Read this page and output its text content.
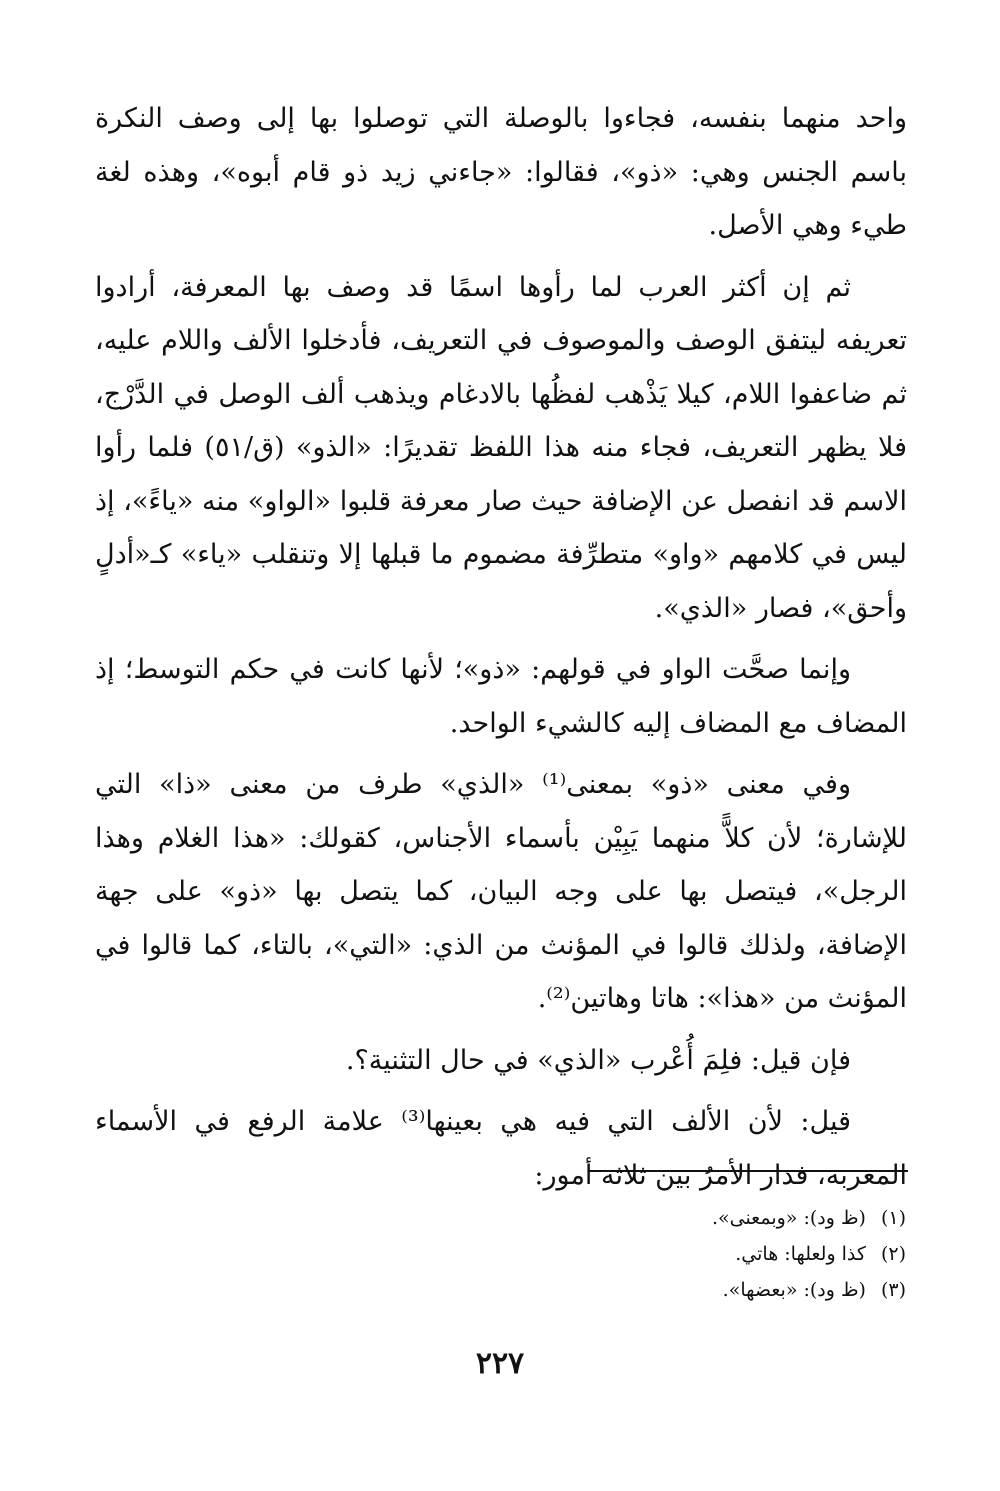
واحد منهما بنفسه، فجاءوا بالوصلة التي توصلوا بها إلى وصف النكرة باسم الجنس وهي: «ذو»، فقالوا: «جاءني زيد ذو قام أبوه»، وهذه لغة طيء وهي الأصل.

ثم إن أكثر العرب لما رأوها اسمًا قد وصف بها المعرفة، أرادوا تعريفه ليتفق الوصف والموصوف في التعريف، فأدخلوا الألف واللام عليه، ثم ضاعفوا اللام، كيلا يَذْهب لفظُها بالادغام ويذهب ألف الوصل في الدَّرْج، فلا يظهر التعريف، فجاء منه هذا اللفظ تقديرًا: «الذو» (ق/٥١) فلما رأوا الاسم قد انفصل عن الإضافة حيث صار معرفة قلبوا «الواو» منه «ياءً»، إذ ليس في كلامهم «واو» متطرِّفة مضموم ما قبلها إلا وتنقلب «ياء» كـ«أدلٍ وأحق»، فصار «الذي».

وإنما صحَّت الواو في قولهم: «ذو»؛ لأنها كانت في حكم التوسط؛ إذ المضاف مع المضاف إليه كالشيء الواحد.

وفي معنى «ذو» بمعنى⁽¹⁾ «الذي» طرف من معنى «ذا» التي للإشارة؛ لأن كلاًّ منهما يَبِيْن بأسماء الأجناس، كقولك: «هذا الغلام وهذا الرجل»، فيتصل بها على وجه البيان، كما يتصل بها «ذو» على جهة الإضافة، ولذلك قالوا في المؤنث من الذي: «التي»، بالتاء، كما قالوا في المؤنث من «هذا»: هاتا وهاتين⁽²⁾.

فإن قيل: فلِمَ أُعْرب «الذي» في حال التثنية؟.

قيل: لأن الألف التي فيه هي بعينها⁽³⁾ علامة الرفع في الأسماء المعربة، فدار الأمرُ بين ثلاثة أمور:

(١) (ظ ود): «وبمعنى».
(٢) كذا ولعلها: هاتي.
(٣) (ظ ود): «بعضها».
٢٢٧
